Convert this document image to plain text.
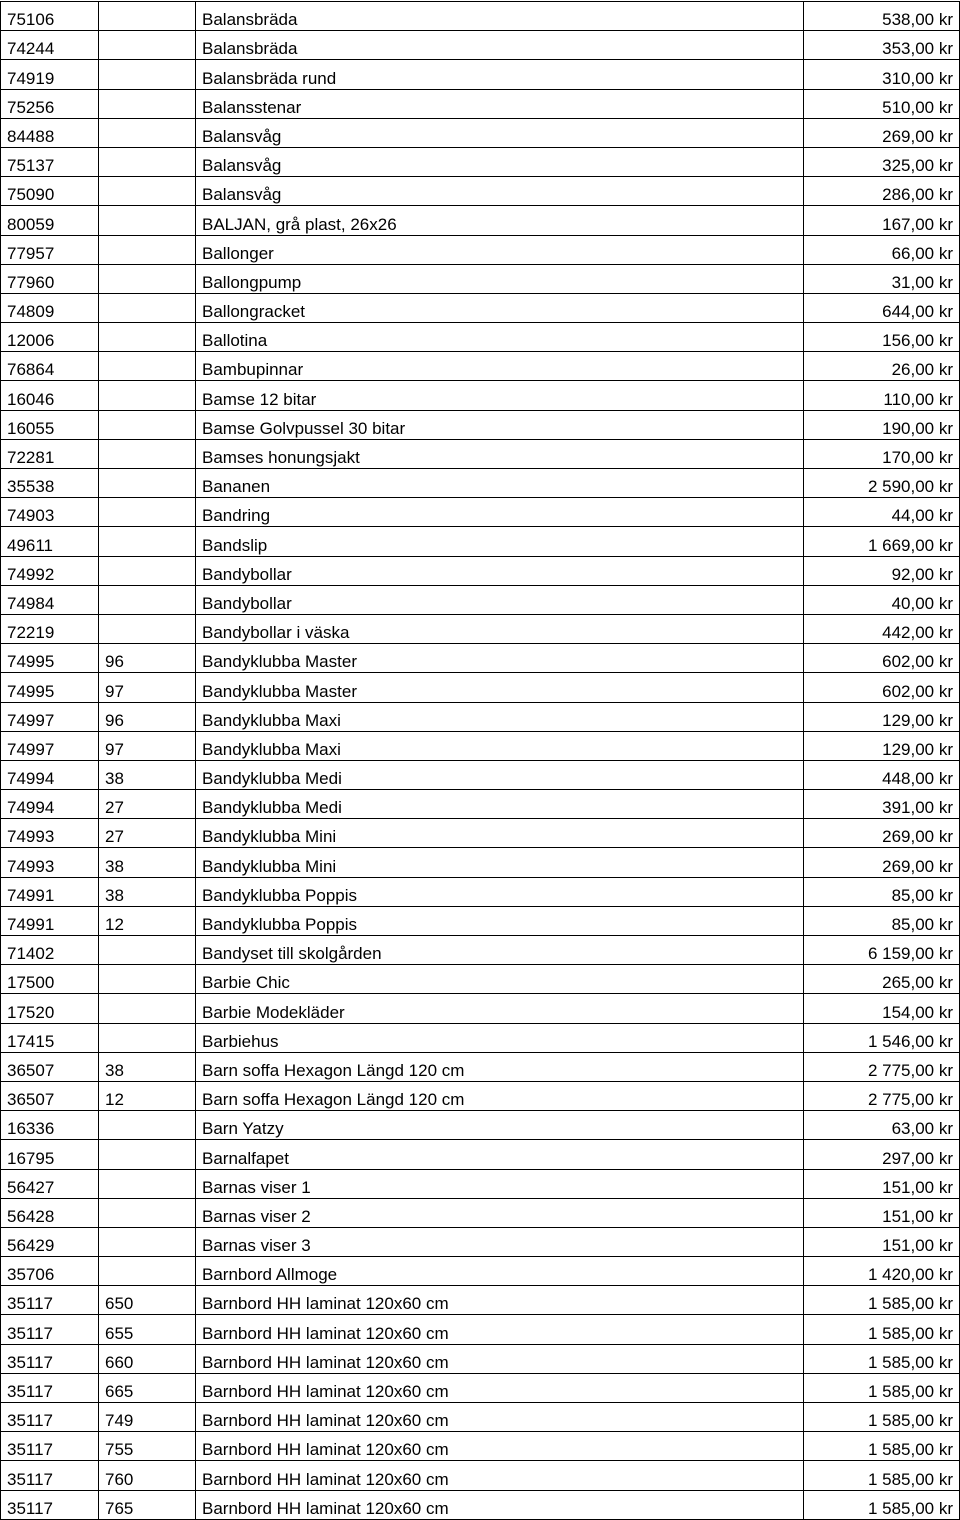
75106		Balansbräda	538,00 kr
74244		Balansbräda	353,00 kr
74919		Balansbräda rund	310,00 kr
75256		Balansstenar	510,00 kr
84488		Balansvåg	269,00 kr
75137		Balansvåg	325,00 kr
75090		Balansvåg	286,00 kr
80059		BALJAN, grå plast, 26x26	167,00 kr
77957		Ballonger	66,00 kr
77960		Ballongpump	31,00 kr
74809		Ballongracket	644,00 kr
12006		Ballotina	156,00 kr
76864		Bambupinnar	26,00 kr
16046		Bamse 12 bitar	110,00 kr
16055		Bamse Golvpussel 30 bitar	190,00 kr
72281		Bamses honungsjakt	170,00 kr
35538		Bananen	2 590,00 kr
74903		Bandring	44,00 kr
49611		Bandslip	1 669,00 kr
74992		Bandybollar	92,00 kr
74984		Bandybollar	40,00 kr
72219		Bandybollar i väska	442,00 kr
74995	96	Bandyklubba Master	602,00 kr
74995	97	Bandyklubba Master	602,00 kr
74997	96	Bandyklubba Maxi	129,00 kr
74997	97	Bandyklubba Maxi	129,00 kr
74994	38	Bandyklubba Medi	448,00 kr
74994	27	Bandyklubba Medi	391,00 kr
74993	27	Bandyklubba Mini	269,00 kr
74993	38	Bandyklubba Mini	269,00 kr
74991	38	Bandyklubba Poppis	85,00 kr
74991	12	Bandyklubba Poppis	85,00 kr
71402		Bandyset till skolgården	6 159,00 kr
17500		Barbie Chic	265,00 kr
17520		Barbie Modekläder	154,00 kr
17415		Barbiehus	1 546,00 kr
36507	38	Barn soffa Hexagon Längd 120 cm	2 775,00 kr
36507	12	Barn soffa Hexagon Längd 120 cm	2 775,00 kr
16336		Barn Yatzy	63,00 kr
16795		Barnalfapet	297,00 kr
56427		Barnas viser 1	151,00 kr
56428		Barnas viser 2	151,00 kr
56429		Barnas viser 3	151,00 kr
35706		Barnbord Allmoge	1 420,00 kr
35117	650	Barnbord HH laminat 120x60 cm	1 585,00 kr
35117	655	Barnbord HH laminat 120x60 cm	1 585,00 kr
35117	660	Barnbord HH laminat 120x60 cm	1 585,00 kr
35117	665	Barnbord HH laminat 120x60 cm	1 585,00 kr
35117	749	Barnbord HH laminat 120x60 cm	1 585,00 kr
35117	755	Barnbord HH laminat 120x60 cm	1 585,00 kr
35117	760	Barnbord HH laminat 120x60 cm	1 585,00 kr
35117	765	Barnbord HH laminat 120x60 cm	1 585,00 kr
